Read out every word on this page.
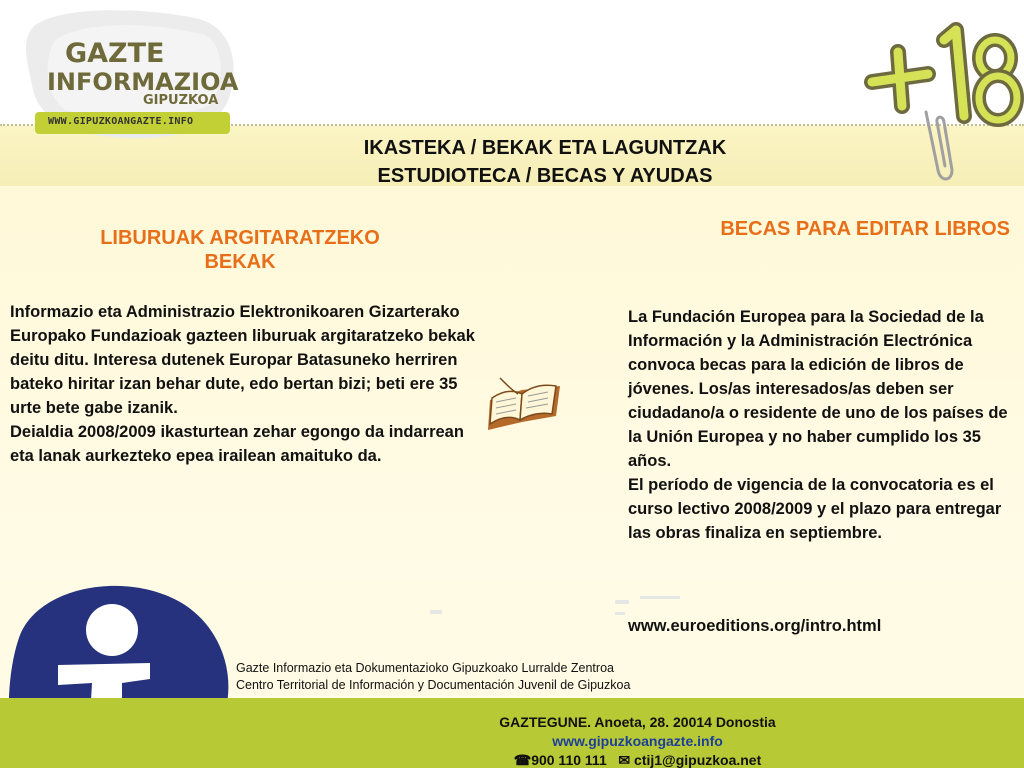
GAZTE
INFORMAZIOA
GIPUZKOA
WWW.GIPUZKOANGAZTE.INFO
IKASTEKA / BEKAK ETA LAGUNTZAK
ESTUDIOTECA / BECAS Y AYUDAS
LIBURUAK ARGITARATZEKO
BEKAK
Informazio eta Administrazio Elektronikoaren Gizarterako Europako Fundazioak gazteen liburuak argitaratzeko bekak deitu ditu. Interesa dutenek Europar Batasuneko herriren bateko hiritar izan behar dute, edo bertan bizi; beti ere 35 urte bete gabe izanik.
Deialdia 2008/2009 ikasturtean zehar egongo da indarrean eta lanak aurkezteko epea irailean amaituko da.
BECAS PARA EDITAR LIBROS
La Fundación Europea para la Sociedad de la Información y la Administración Electrónica convoca becas para la edición de libros de jóvenes. Los/as interesados/as deben ser ciudadano/a o residente de uno de los países de la Unión Europea y no haber cumplido los 35 años.
El período de vigencia de la convocatoria es el curso lectivo 2008/2009 y el plazo para entregar las obras finaliza en septiembre.
www.euroeditions.org/intro.html
Gazte Informazio eta Dokumentazioko Gipuzkoako Lurralde Zentroa
Centro Territorial de Información y Documentación Juvenil de Gipuzkoa
GAZTEGUNE. Anoeta, 28. 20014 Donostia
www.gipuzkoangazte.info
☎900 110 111 ✉ ctij1@gipuzkoa.net
